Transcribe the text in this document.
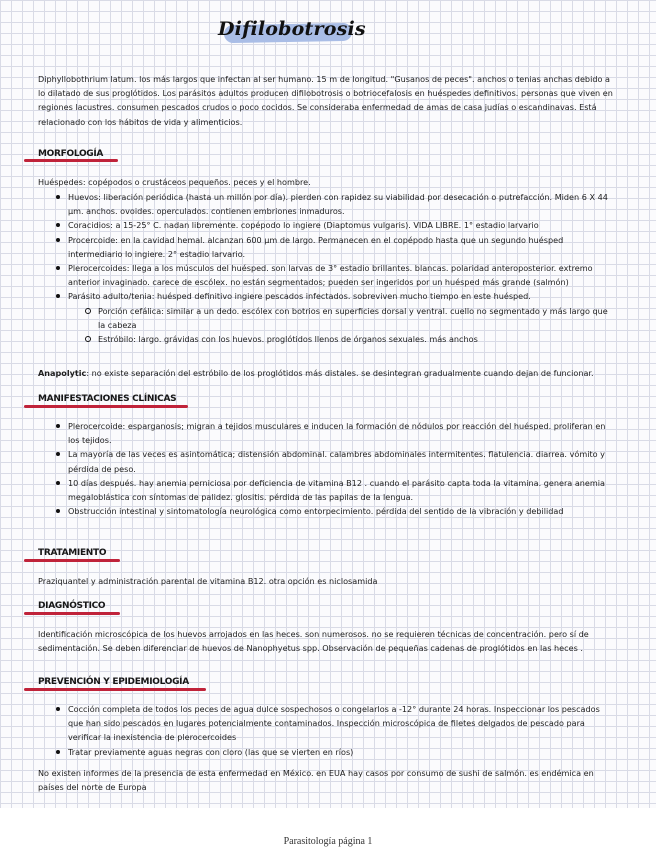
Difilobotrosis

Diphyllobothrium latum. los más largos que infectan al ser humano. 15 m de longitud. "Gusanos de peces". anchos o tenias anchas debido a lo dilatado de sus proglótidos. Los parásitos adultos producen difilobotrosis o botriocefalosis en huéspedes definitivos. personas que viven en regiones lacustres. consumen pescados crudos o poco cocidos. Se consideraba enfermedad de amas de casa judías o escandinavas. Está relacionado con los hábitos de vida y alimenticios.

MORFOLOGÍA

Huéspedes: copépodos o crustáceos pequeños. peces y el hombre.

Huevos: liberación periódica (hasta un millón por día). pierden con rapidez su viabilidad por desecación o putrefacción. Miden 6 X 44 µm. anchos. ovoides. operculados. contienen embriones inmaduros.
Coracidios: a 15-25° C. nadan libremente. copépodo lo ingiere (Diaptomus vulgaris). VIDA LIBRE. 1° estadio larvario
Procercoide: en la cavidad hemal. alcanzan 600 µm de largo. Permanecen en el copépodo hasta que un segundo huésped intermediario lo ingiere. 2° estadio larvario.
Plerocercoides: llega a los músculos del huésped. son larvas de 3° estadio brillantes. blancas. polaridad anteroposterior. extremo anterior invaginado. carece de escólex. no están segmentados; pueden ser ingeridos por un huésped más grande (salmón)
Parásito adulto/tenia: huésped definitivo ingiere pescados infectados. sobreviven mucho tiempo en este huésped.
Porción cefálica: similar a un dedo. escólex con botrios en superficies dorsal y ventral. cuello no segmentado y más largo que la cabeza
Estróbilo: largo. grávidas con los huevos. proglótidos llenos de órganos sexuales. más anchos

Anapolytic: no existe separación del estróbilo de los proglótidos más distales. se desintegran gradualmente cuando dejan de funcionar.

MANIFESTACIONES CLÍNICAS
Plerocercoide: esparganosis; migran a tejidos musculares e inducen la formación de nódulos por reacción del huésped. proliferan en los tejidos.
La mayoría de las veces es asintomática; distensión abdominal. calambres abdominales intermitentes. flatulencia. diarrea. vómito y pérdida de peso.
10 días después. hay anemia perniciosa por deficiencia de vitamina B12 . cuando el parásito capta toda la vitamina. genera anemia megaloblástica con síntomas de palidez. glositis. pérdida de las papilas de la lengua.
Obstrucción intestinal y sintomatología neurológica como entorpecimiento. pérdida del sentido de la vibración y debilidad
TRATAMIENTO

Praziquantel y administración parental de vitamina B12. otra opción es niclosamida

DIAGNÓSTICO

Identificación microscópica de los huevos arrojados en las heces. son numerosos. no se requieren técnicas de concentración. pero sí de sedimentación. Se deben diferenciar de huevos de Nanophyetus spp. Observación de pequeñas cadenas de proglótidos en las heces .

PREVENCIÓN Y EPIDEMIOLOGÍA
Cocción completa de todos los peces de agua dulce sospechosos o congelarlos a -12° durante 24 horas. Inspeccionar los pescados que han sido pescados en lugares potencialmente contaminados. Inspección microscópica de filetes delgados de pescado para verificar la inexistencia de plerocercoides
Tratar previamente aguas negras con cloro (las que se vierten en ríos)

No existen informes de la presencia de esta enfermedad en México. en EUA hay casos por consumo de sushi de salmón. es endémica en países del norte de Europa

Parasitología página 1
